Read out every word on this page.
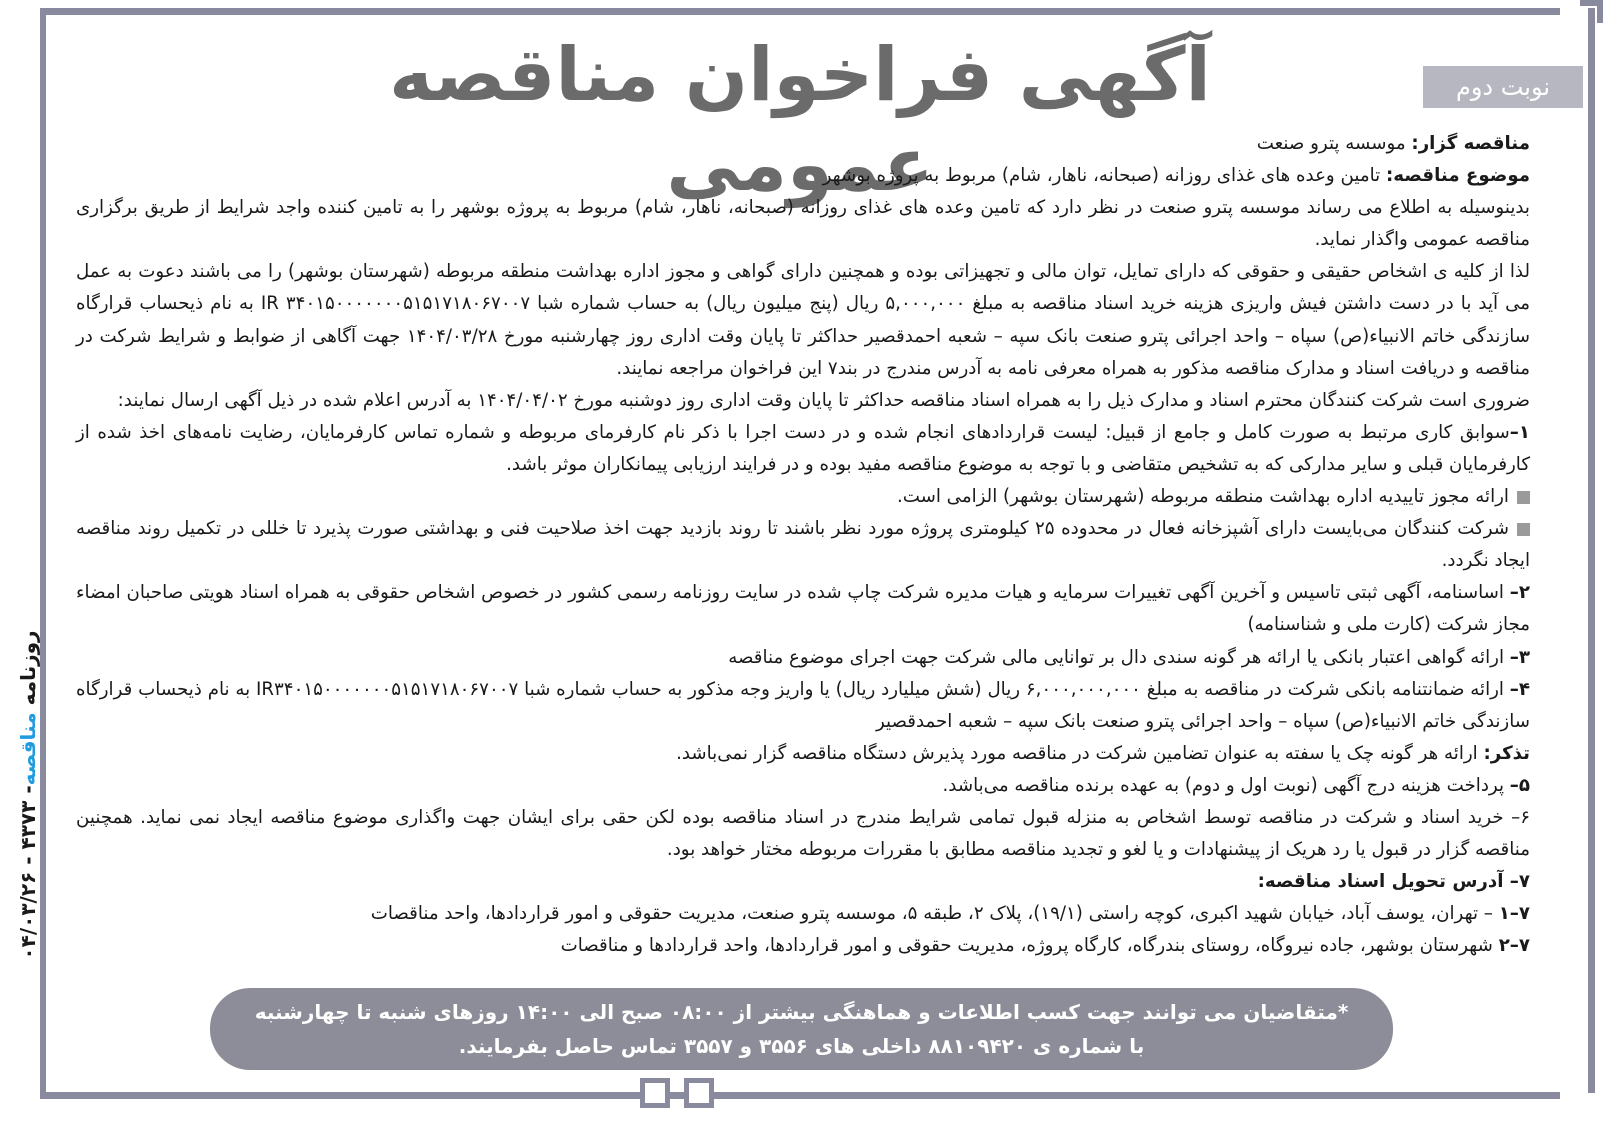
آگهی فراخوان مناقصه عمومی
نوبت دوم
روزنامه مناقصه- ۴۳۷۳ - ۰۴/۰۳/۲۶

مناقصه گزار: موسسه پترو صنعت

موضوع مناقصه: تامین وعده های غذای روزانه (صبحانه، ناهار، شام) مربوط به پروژه بوشهر

بدینوسیله به اطلاع می رساند موسسه پترو صنعت در نظر دارد که تامین وعده های غذای روزانه (صبحانه، ناهار، شام) مربوط به پروژه بوشهر را به تامین کننده واجد شرایط از طریق برگزاری مناقصه عمومی واگذار نماید.

لذا از کلیه ی اشخاص حقیقی و حقوقی که دارای تمایل، توان مالی و تجهیزاتی بوده و همچنین دارای گواهی و مجوز اداره بهداشت منطقه مربوطه (شهرستان بوشهر) را می باشند دعوت به عمل می آید با در دست داشتن فیش واریزی هزینه خرید اسناد مناقصه به مبلغ ۵,۰۰۰,۰۰۰ ریال (پنج میلیون ریال) به حساب شماره شبا IR ۳۴۰۱۵۰۰۰۰۰۰۰۵۱۵۱۷۱۸۰۶۷۰۰۷ به نام ذیحساب قرارگاه سازندگی خاتم الانبیاء(ص) سپاه – واحد اجرائی پترو صنعت بانک سپه – شعبه احمدقصیر حداکثر تا پایان وقت اداری روز چهارشنبه مورخ ۱۴۰۴/۰۳/۲۸ جهت آگاهی از ضوابط و شرایط شرکت در مناقصه و دریافت اسناد و مدارک مناقصه مذکور به همراه معرفی نامه به آدرس مندرج در بند۷ این فراخوان مراجعه نمایند.

ضروری است شرکت کنندگان محترم اسناد و مدارک ذیل را به همراه اسناد مناقصه حداکثر تا پایان وقت اداری روز دوشنبه مورخ ۱۴۰۴/۰۴/۰۲ به آدرس اعلام شده در ذیل آگهی ارسال نمایند:

۱–سوابق کاری مرتبط به صورت کامل و جامع از قبیل: لیست قراردادهای انجام شده و در دست اجرا با ذکر نام کارفرمای مربوطه و شماره تماس کارفرمایان، رضایت نامه‌های اخذ شده از کارفرمایان قبلی و سایر مدارکی که به تشخیص متقاضی و با توجه به موضوع مناقصه مفید بوده و در فرایند ارزیابی پیمانکاران موثر باشد.

ارائه مجوز تاییدیه اداره بهداشت منطقه مربوطه (شهرستان بوشهر) الزامی است.

شرکت کنندگان می‌بایست دارای آشپزخانه فعال در محدوده ۲۵ کیلومتری پروژه مورد نظر باشند تا روند بازدید جهت اخذ صلاحیت فنی و بهداشتی صورت پذیرد تا خللی در تکمیل روند مناقصه ایجاد نگردد.

۲– اساسنامه، آگهی ثبتی تاسیس و آخرین آگهی تغییرات سرمایه و هیات مدیره شرکت چاپ شده در سایت روزنامه رسمی کشور در خصوص اشخاص حقوقی به همراه اسناد هویتی صاحبان امضاء مجاز شرکت (کارت ملی و شناسنامه)

۳– ارائه گواهی اعتبار بانکی یا ارائه هر گونه سندی دال بر توانایی مالی شرکت جهت اجرای موضوع مناقصه

۴– ارائه ضمانتنامه بانکی شرکت در مناقصه به مبلغ ۶,۰۰۰,۰۰۰,۰۰۰ ریال (شش میلیارد ریال) یا واریز وجه مذکور به حساب شماره شبا IR۳۴۰۱۵۰۰۰۰۰۰۰۵۱۵۱۷۱۸۰۶۷۰۰۷ به نام ذیحساب قرارگاه سازندگی خاتم الانبیاء(ص) سپاه – واحد اجرائی پترو صنعت بانک سپه – شعبه احمدقصیر

تذکر: ارائه هر گونه چک یا سفته به عنوان تضامین شرکت در مناقصه مورد پذیرش دستگاه مناقصه گزار نمی‌باشد.

۵– پرداخت هزینه درج آگهی (نوبت اول و دوم) به عهده برنده مناقصه می‌باشد.

۶– خرید اسناد و شرکت در مناقصه توسط اشخاص به منزله قبول تمامی شرایط مندرج در اسناد مناقصه بوده لکن حقی برای ایشان جهت واگذاری موضوع مناقصه ایجاد نمی نماید. همچنین مناقصه گزار در قبول یا رد هریک از پیشنهادات و یا لغو و تجدید مناقصه مطابق با مقررات مربوطه مختار خواهد بود.

۷– آدرس تحویل اسناد مناقصه:

۷–۱ – تهران، یوسف آباد، خیابان شهید اکبری، کوچه راستی (۱۹/۱)، پلاک ۲، طبقه ۵، موسسه پترو صنعت، مدیریت حقوقی و امور قراردادها، واحد مناقصات

۷–۲ شهرستان بوشهر، جاده نیروگاه، روستای بندرگاه، کارگاه پروژه، مدیریت حقوقی و امور قراردادها، واحد قراردادها و مناقصات

*متقاضیان می توانند جهت کسب اطلاعات و هماهنگی بیشتر از ۰۸:۰۰ صبح الی ۱۴:۰۰ روزهای شنبه تا چهارشنبه
با شماره ی ۸۸۱۰۹۴۲۰ داخلی های ۳۵۵۶ و ۳۵۵۷ تماس حاصل بفرمایند.
